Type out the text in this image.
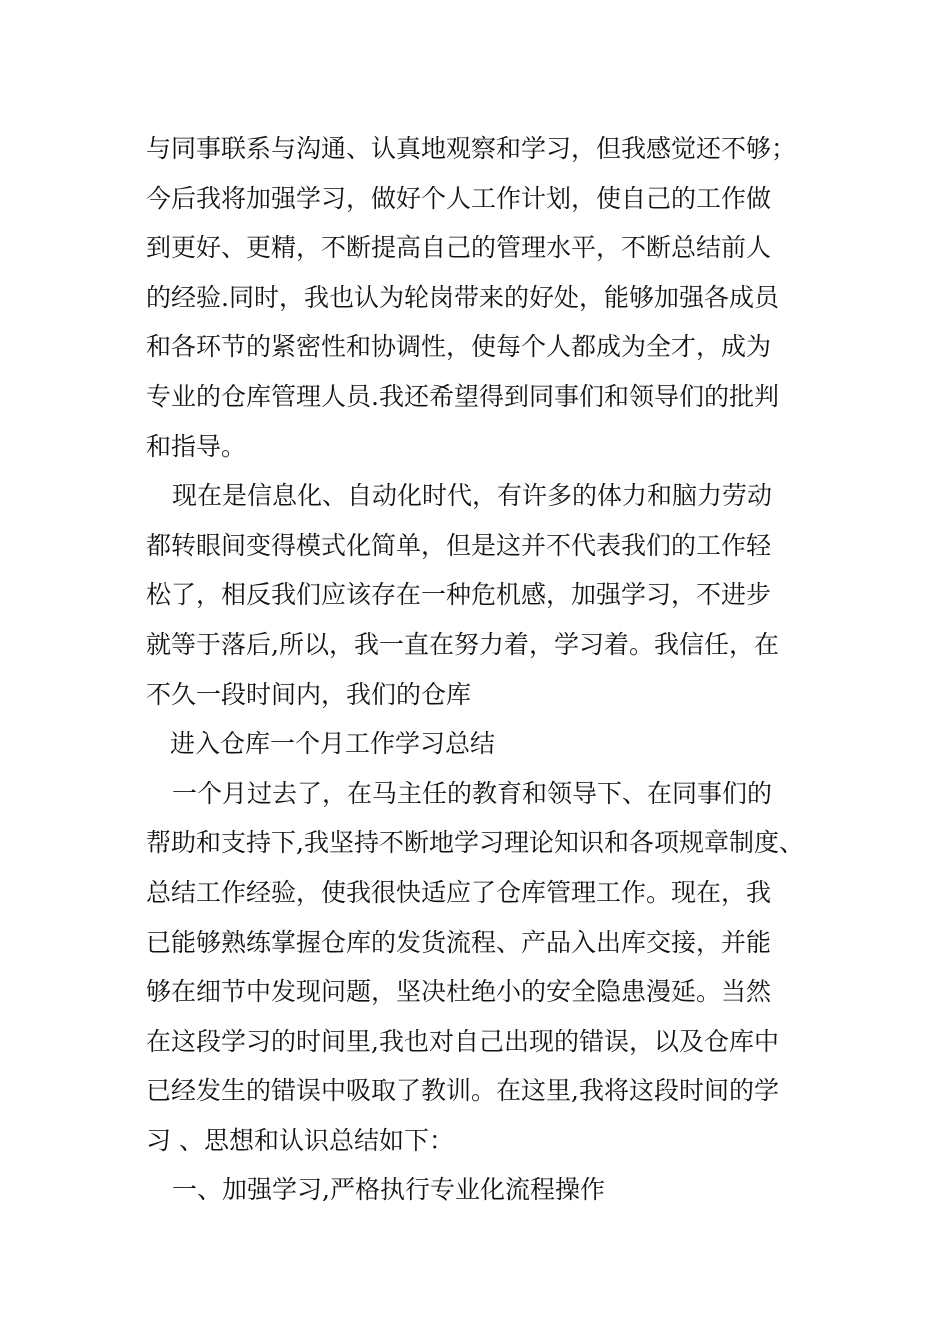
与同事联系与沟通、认真地观察和学习，但我感觉还不够；
今后我将加强学习，做好个人工作计划，使自己的工作做
到更好、更精，不断提高自己的管理水平，不断总结前人
的经验.同时，我也认为轮岗带来的好处，能够加强各成员
和各环节的紧密性和协调性，使每个人都成为全才，成为
专业的仓库管理人员.我还希望得到同事们和领导们的批判
和指导。
现在是信息化、自动化时代，有许多的体力和脑力劳动
都转眼间变得模式化简单，但是这并不代表我们的工作轻
松了，相反我们应该存在一种危机感，加强学习，不进步
就等于落后,所以，我一直在努力着，学习着。我信任，在
不久一段时间内，我们的仓库
进入仓库一个月工作学习总结
一个月过去了，在马主任的教育和领导下、在同事们的
帮助和支持下,我坚持不断地学习理论知识和各项规章制度、
总结工作经验，使我很快适应了仓库管理工作。现在，我
已能够熟练掌握仓库的发货流程、产品入出库交接，并能
够在细节中发现问题，坚决杜绝小的安全隐患漫延。当然
在这段学习的时间里,我也对自己出现的错误，以及仓库中
已经发生的错误中吸取了教训。在这里,我将这段时间的学
习 、思想和认识总结如下：
一、加强学习,严格执行专业化流程操作
